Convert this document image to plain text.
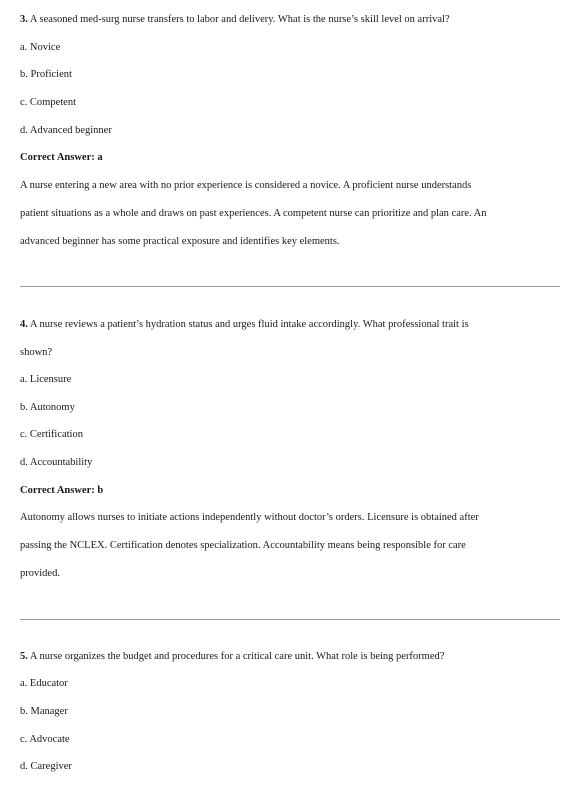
3. A seasoned med-surg nurse transfers to labor and delivery. What is the nurse’s skill level on arrival?
a. Novice
b. Proficient
c. Competent
d. Advanced beginner
Correct Answer: a
A nurse entering a new area with no prior experience is considered a novice. A proficient nurse understands
patient situations as a whole and draws on past experiences. A competent nurse can prioritize and plan care. An
advanced beginner has some practical exposure and identifies key elements.
4. A nurse reviews a patient’s hydration status and urges fluid intake accordingly. What professional trait is
shown?
a. Licensure
b. Autonomy
c. Certification
d. Accountability
Correct Answer: b
Autonomy allows nurses to initiate actions independently without doctor’s orders. Licensure is obtained after
passing the NCLEX. Certification denotes specialization. Accountability means being responsible for care
provided.
5. A nurse organizes the budget and procedures for a critical care unit. What role is being performed?
a. Educator
b. Manager
c. Advocate
d. Caregiver
